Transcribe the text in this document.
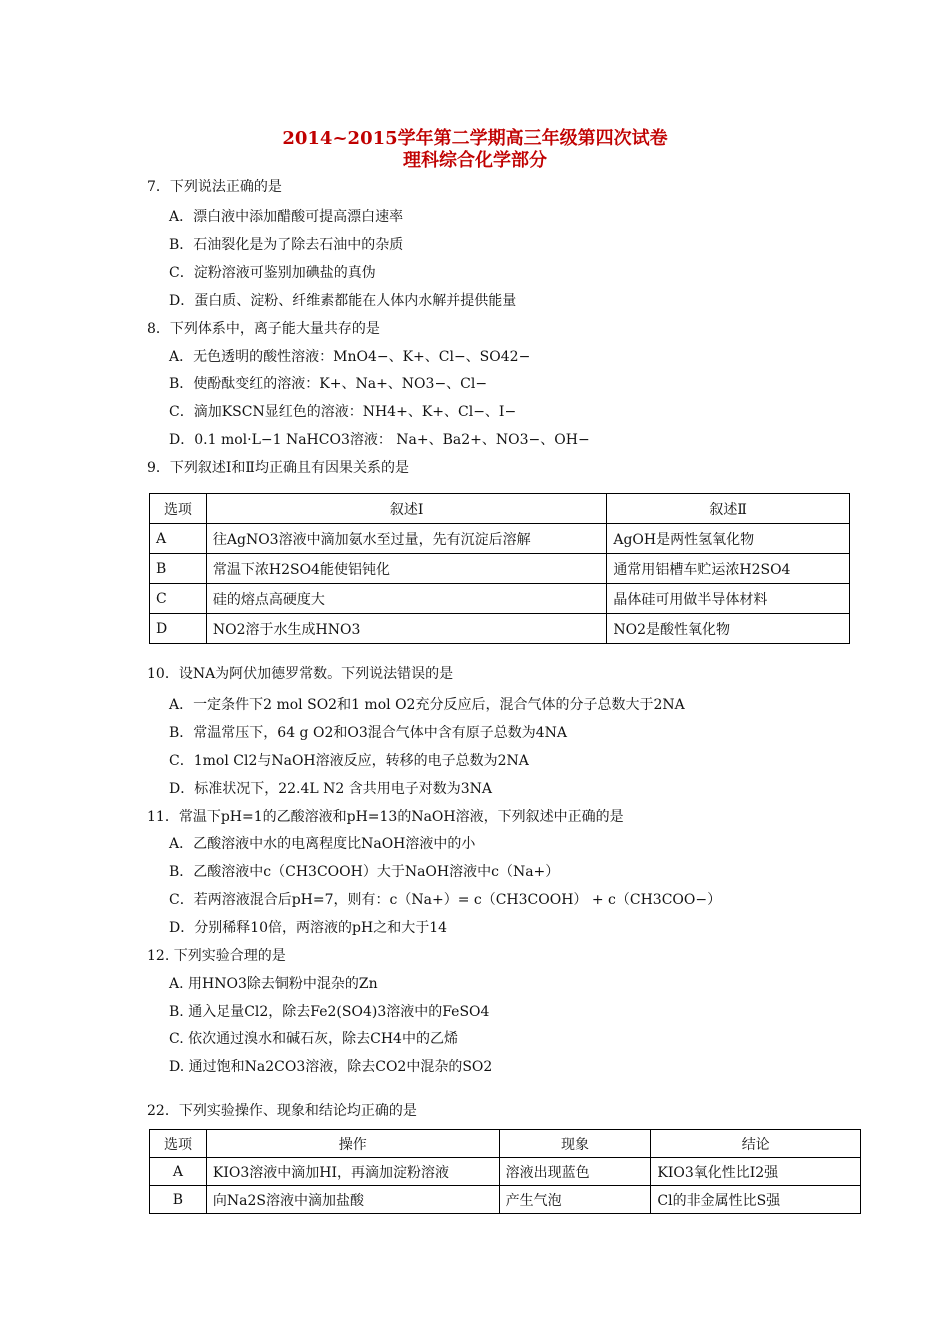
2014~2015学年第二学期高三年级第四次试卷
理科综合化学部分
7．下列说法正确的是
A．漂白液中添加醋酸可提高漂白速率
B．石油裂化是为了除去石油中的杂质
C．淀粉溶液可鉴别加碘盐的真伪
D．蛋白质、淀粉、纤维素都能在人体内水解并提供能量
8．下列体系中，离子能大量共存的是
A．无色透明的酸性溶液：MnO4−、K+、Cl−、SO42−
B．使酚酞变红的溶液：K+、Na+、NO3−、Cl−
C．滴加KSCN显红色的溶液：NH4+、K+、Cl−、I−
D．0.1 mol·L−1 NaHCO3溶液： Na+、Ba2+、NO3−、OH−
9．下列叙述Ⅰ和Ⅱ均正确且有因果关系的是
选项	叙述Ⅰ	叙述Ⅱ
A	往AgNO3溶液中滴加氨水至过量，先有沉淀后溶解	AgOH是两性氢氧化物
B	常温下浓H2SO4能使铝钝化	通常用铝槽车贮运浓H2SO4
C	硅的熔点高硬度大	晶体硅可用做半导体材料
D	NO2溶于水生成HNO3	NO2是酸性氧化物
10．设NA为阿伏加德罗常数。下列说法错误的是
A．一定条件下2 mol SO2和1 mol O2充分反应后，混合气体的分子总数大于2NA
B．常温常压下，64 g O2和O3混合气体中含有原子总数为4NA
C．1mol Cl2与NaOH溶液反应，转移的电子总数为2NA
D．标准状况下，22.4L N2 含共用电子对数为3NA
11．常温下pH=1的乙酸溶液和pH=13的NaOH溶液，下列叙述中正确的是
A．乙酸溶液中水的电离程度比NaOH溶液中的小
B．乙酸溶液中c（CH3COOH）大于NaOH溶液中c（Na+）
C．若两溶液混合后pH=7，则有：c（Na+）= c（CH3COOH） + c（CH3COO−）
D．分别稀释10倍，两溶液的pH之和大于14
12. 下列实验合理的是
A. 用HNO3除去铜粉中混杂的Zn
B. 通入足量Cl2，除去Fe2(SO4)3溶液中的FeSO4
C. 依次通过溴水和碱石灰，除去CH4中的乙烯
D. 通过饱和Na2CO3溶液，除去CO2中混杂的SO2
22．下列实验操作、现象和结论均正确的是
选项	操作	现象	结论
A	KIO3溶液中滴加HI，再滴加淀粉溶液	溶液出现蓝色	KIO3氧化性比I2强
B	向Na2S溶液中滴加盐酸	产生气泡	Cl的非金属性比S强
